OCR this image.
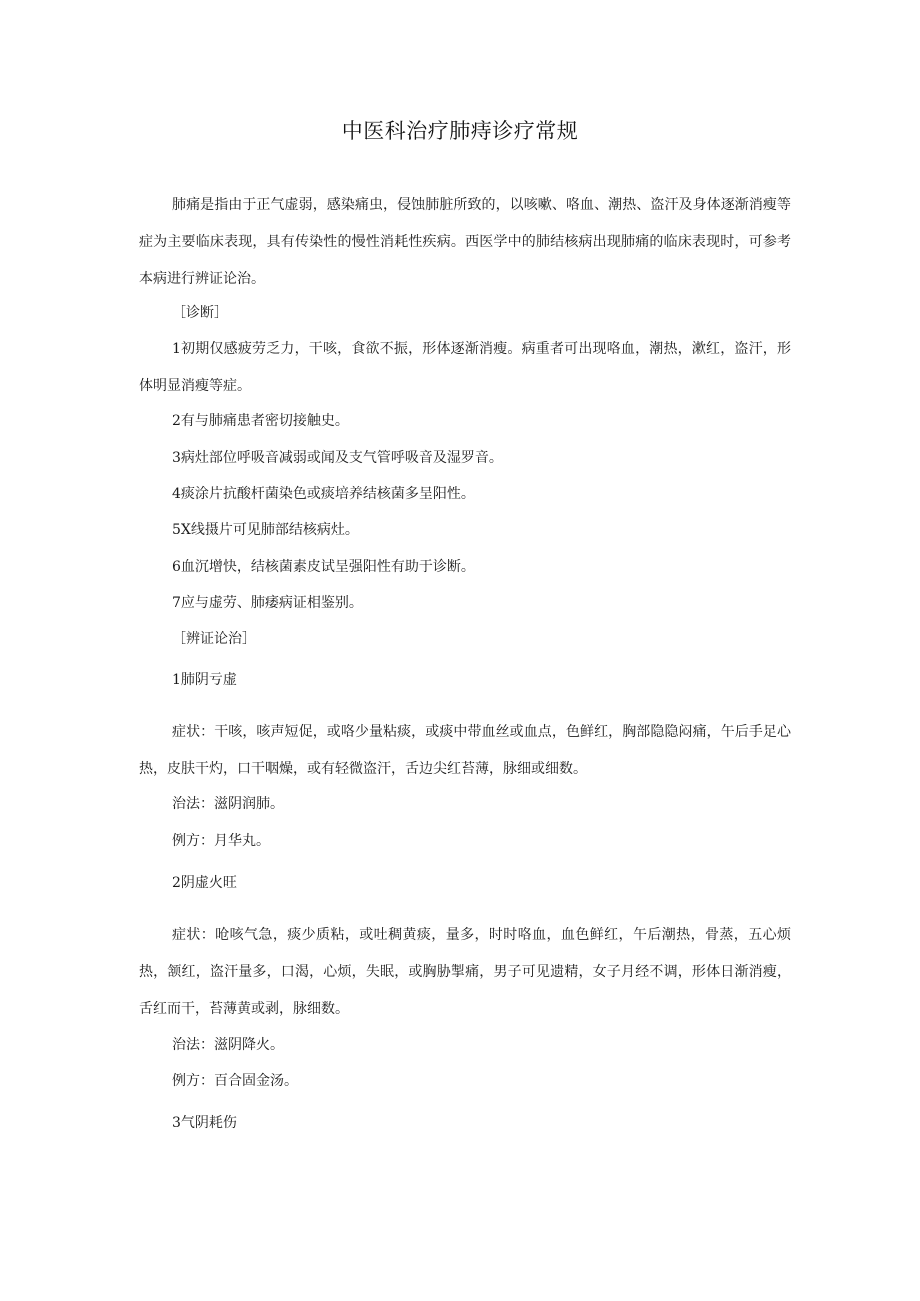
中医科治疗肺痔诊疗常规

肺痛是指由于正气虚弱，感染痛虫，侵蚀肺脏所致的，以咳嗽、咯血、潮热、盗汗及身体逐渐消瘦等症为主要临床表现，具有传染性的慢性消耗性疾病。西医学中的肺结核病出现肺痛的临床表现时，可参考本病进行辨证论治。

［诊断］

1初期仅感疲劳乏力，干咳，食欲不振，形体逐渐消瘦。病重者可出现咯血，潮热，漱红，盗汗，形体明显消瘦等症。

2有与肺痛患者密切接触史。

3病灶部位呼吸音减弱或闻及支气管呼吸音及湿罗音。

4痰涂片抗酸杆菌染色或痰培养结核菌多呈阳性。

5X线摄片可见肺部结核病灶。

6血沉增快，结核菌素皮试呈强阳性有助于诊断。

7应与虚劳、肺痿病证相鉴别。

［辨证论治］

1肺阴亏虚

症状：干咳，咳声短促，或咯少量粘痰，或痰中带血丝或血点，色鲜红，胸部隐隐闷痛，午后手足心热，皮肤干灼，口干咽燥，或有轻微盗汗，舌边尖红苔薄，脉细或细数。

治法：滋阴润肺。

例方：月华丸。

2阴虚火旺

症状：呛咳气急，痰少质粘，或吐稠黄痰，量多，时时咯血，血色鲜红，午后潮热，骨蒸，五心烦热，颔红，盗汗量多，口渴，心烦，失眠，或胸胁掣痛，男子可见遗精，女子月经不调，形体日渐消瘦，舌红而干，苔薄黄或剥，脉细数。

治法：滋阴降火。

例方：百合固金汤。

3气阴耗伤
